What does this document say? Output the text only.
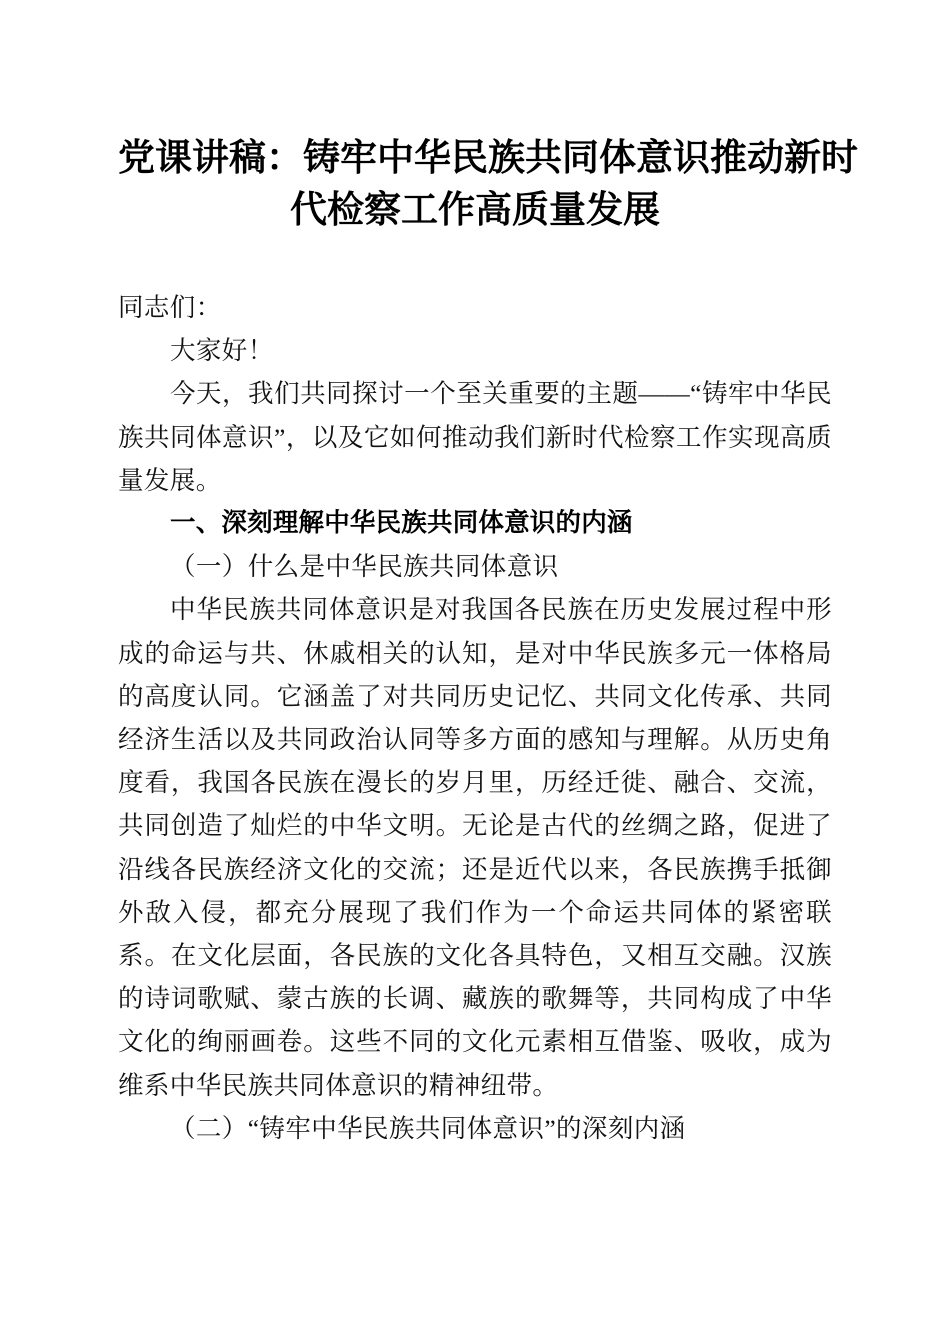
党课讲稿：铸牢中华民族共同体意识推动新时
代检察工作高质量发展

同志们：

大家好！

今天，我们共同探讨一个至关重要的主题——“铸牢中华民族共同体意识”，以及它如何推动我们新时代检察工作实现高质量发展。

一、深刻理解中华民族共同体意识的内涵

（一）什么是中华民族共同体意识

中华民族共同体意识是对我国各民族在历史发展过程中形成的命运与共、休戚相关的认知，是对中华民族多元一体格局的高度认同。它涵盖了对共同历史记忆、共同文化传承、共同经济生活以及共同政治认同等多方面的感知与理解。从历史角度看，我国各民族在漫长的岁月里，历经迁徙、融合、交流，共同创造了灿烂的中华文明。无论是古代的丝绸之路，促进了沿线各民族经济文化的交流；还是近代以来，各民族携手抵御外敌入侵，都充分展现了我们作为一个命运共同体的紧密联系。在文化层面，各民族的文化各具特色，又相互交融。汉族的诗词歌赋、蒙古族的长调、藏族的歌舞等，共同构成了中华文化的绚丽画卷。这些不同的文化元素相互借鉴、吸收，成为维系中华民族共同体意识的精神纽带。

（二）“铸牢中华民族共同体意识”的深刻内涵
